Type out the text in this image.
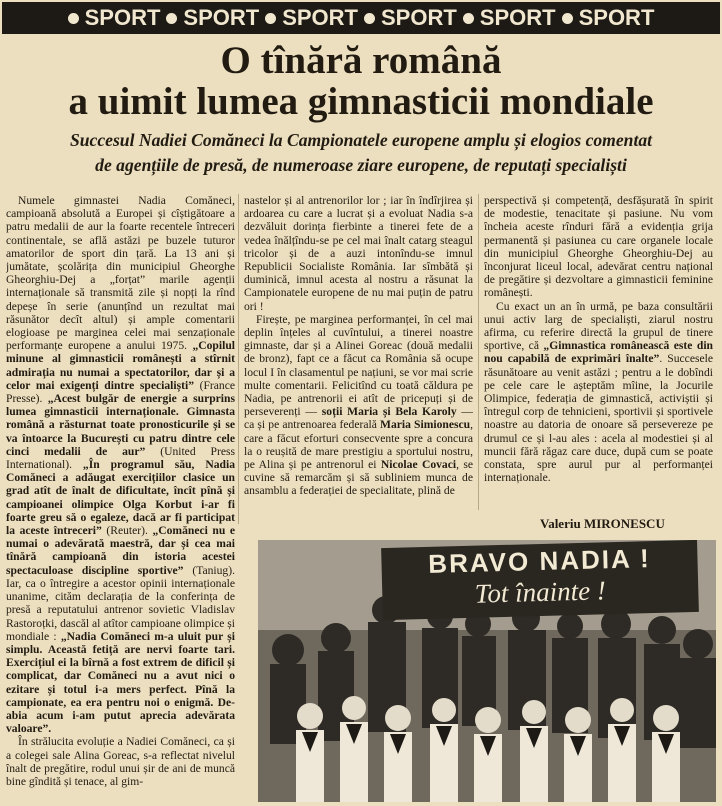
SPORT SPORT SPORT SPORT SPORT SPORT
O tînără română
a uimit lumea gimnasticii mondiale
Succesul Nadiei Comăneci la Campionatele europene amplu și elogios comentat
de agențiile de presă, de numeroase ziare europene, de reputați specialiști

Numele gimnastei Nadia Comăneci, campioană absolută a Europei și cîștigătoare a patru medalii de aur la foarte recentele întreceri continentale, se află astăzi pe buzele tuturor amatorilor de sport din țară. La 13 ani și jumătate, școlărița din municipiul Gheorghe Gheorghiu-Dej a „forțat” marile agenții internaționale să transmită zile și nopți la rînd depeșe în serie (anunțînd un rezultat mai răsunător decît altul) și ample comentarii elogioase pe marginea celei mai senzaționale performanțe europene a anului 1975. „Copilul minune al gimnasticii românești a stîrnit admirația nu numai a spectatorilor, dar și a celor mai exigenți dintre specialiști” (France Presse). „Acest bulgăr de energie a surprins lumea gimnasticii internaționale. Gimnasta română a răsturnat toate pronosticurile și se va întoarce la București cu patru dintre cele cinci medalii de aur” (United Press International). „În programul său, Nadia Comăneci a adăugat exercițiilor clasice un grad atît de înalt de dificultate, încît pînă și campioanei olimpice Olga Korbut i-ar fi foarte greu să o egaleze, dacă ar fi participat la aceste întreceri” (Reuter). „Comăneci nu e numai o adevărată maestră, dar și cea mai tînără campioană din istoria acestei spectaculoase discipline sportive” (Taniug). Iar, ca o întregire a acestor opinii internaționale unanime, cităm declarația de la conferința de presă a reputatului antrenor sovietic Vladislav Rastoroțki, dascăl al atîtor campioane olimpice și mondiale : „Nadia Comăneci m-a uluit pur și simplu. Această fetiță are nervi foarte tari. Exercițiul ei la bîrnă a fost extrem de dificil și complicat, dar Comăneci nu a avut nici o ezitare și totul i-a mers perfect. Pînă la campionate, ea era pentru noi o enigmă. De-abia acum i-am putut aprecia adevărata valoare”.

În strălucita evoluție a Nadiei Comăneci, ca și a colegei sale Alina Goreac, s-a reflectat nivelul înalt de pregătire, rodul unui șir de ani de muncă bine gîndită și tenace, al gim-

nastelor și al antrenorilor lor ; iar în îndîrjirea și ardoarea cu care a lucrat și a evoluat Nadia s-a dezvăluit dorința fierbinte a tinerei fete de a vedea înălțîndu-se pe cel mai înalt catarg steagul tricolor și de a auzi intonîndu-se imnul Republicii Socialiste România. Iar sîmbătă și duminică, imnul acesta al nostru a răsunat la Campionatele europene de nu mai puțin de patru ori !

Firește, pe marginea performanței, în cel mai deplin înțeles al cuvîntului, a tinerei noastre gimnaste, dar și a Alinei Goreac (două medalii de bronz), fapt ce a făcut ca România să ocupe locul I în clasamentul pe națiuni, se vor mai scrie multe comentarii. Felicitînd cu toată căldura pe Nadia, pe antrenorii ei atît de pricepuți și de perseverenți — soții Maria și Bela Karoly — ca și pe antrenoarea federală Maria Simionescu, care a făcut eforturi consecvente spre a concura la o reușită de mare prestigiu a sportului nostru, pe Alina și pe antrenorul ei Nicolae Covaci, se cuvine să remarcăm și să subliniem munca de ansamblu a federației de specialitate, plină de

perspectivă și competență, desfășurată în spirit de modestie, tenacitate și pasiune. Nu vom încheia aceste rînduri fără a evidenția grija permanentă și pasiunea cu care organele locale din municipiul Gheorghe Gheorghiu-Dej au înconjurat liceul local, adevărat centru național de pregătire și dezvoltare a gimnasticii feminine românești.

Cu exact un an în urmă, pe baza consultării unui activ larg de specialiști, ziarul nostru afirma, cu referire directă la grupul de tinere sportive, că „Gimnastica românească este din nou capabilă de exprimări înalte”. Succesele răsunătoare au venit astăzi ; pentru a le dobîndi pe cele care le așteptăm mîine, la Jocurile Olimpice, federația de gimnastică, activiștii și întregul corp de tehnicieni, sportivii și sportivele noastre au datoria de onoare să persevereze pe drumul ce și l-au ales : acela al modestiei și al muncii fără răgaz care duce, după cum se poate constata, spre aurul pur al performanței internaționale.

Valeriu MIRONESCU
BRAVO NADIA !
Tot înainte !
